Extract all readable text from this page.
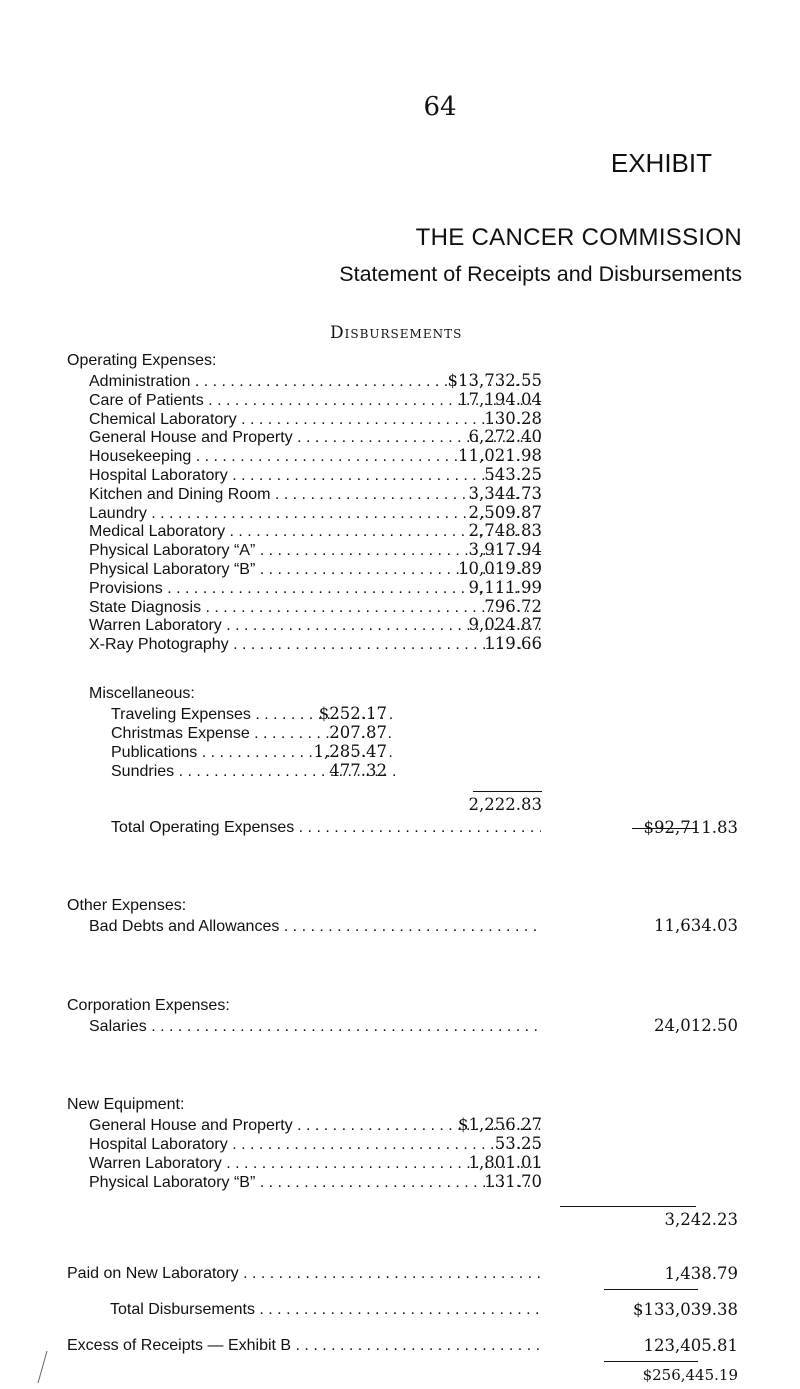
64
EXHIBIT
THE CANCER COMMISSION
Statement of Receipts and Disbursements
Disbursements
Operating Expenses:
Administration . . .	$13,732.55
Care of Patients . . .	17,194.04
Chemical Laboratory . . .	130.28
General House and Property . . .	6,272.40
Housekeeping . . .	11,021.98
Hospital Laboratory . . .	543.25
Kitchen and Dining Room . . .	3,344.73
Laundry . . .	2,509.87
Medical Laboratory . . .	2,748.83
Physical Laboratory “A” . . .	3,917.94
Physical Laboratory “B” . . .	10,019.89
Provisions . . .	9,111.99
State Diagnosis . . .	796.72
Warren Laboratory . . .	9,024.87
X-Ray Photography . . .	119.66
Miscellaneous:
Traveling Expenses . . .	$252.17
Christmas Expense . . .	207.87
Publications . . .	1,285.47
Sundries . . .	477.32
2,222.83
Total Operating Expenses . . .	$92,711.83
Other Expenses:
Bad Debts and Allowances . . .	11,634.03
Corporation Expenses:
Salaries . . .	24,012.50
New Equipment:
General House and Property . . .	$1,256.27
Hospital Laboratory . . .	53.25
Warren Laboratory . . .	1,801.01
Physical Laboratory “B” . . .	131.70
3,242.23
Paid on New Laboratory . . .	1,438.79
Total Disbursements . . .	$133,039.38
Excess of Receipts — Exhibit B . . .	123,405.81
$256,445.19
